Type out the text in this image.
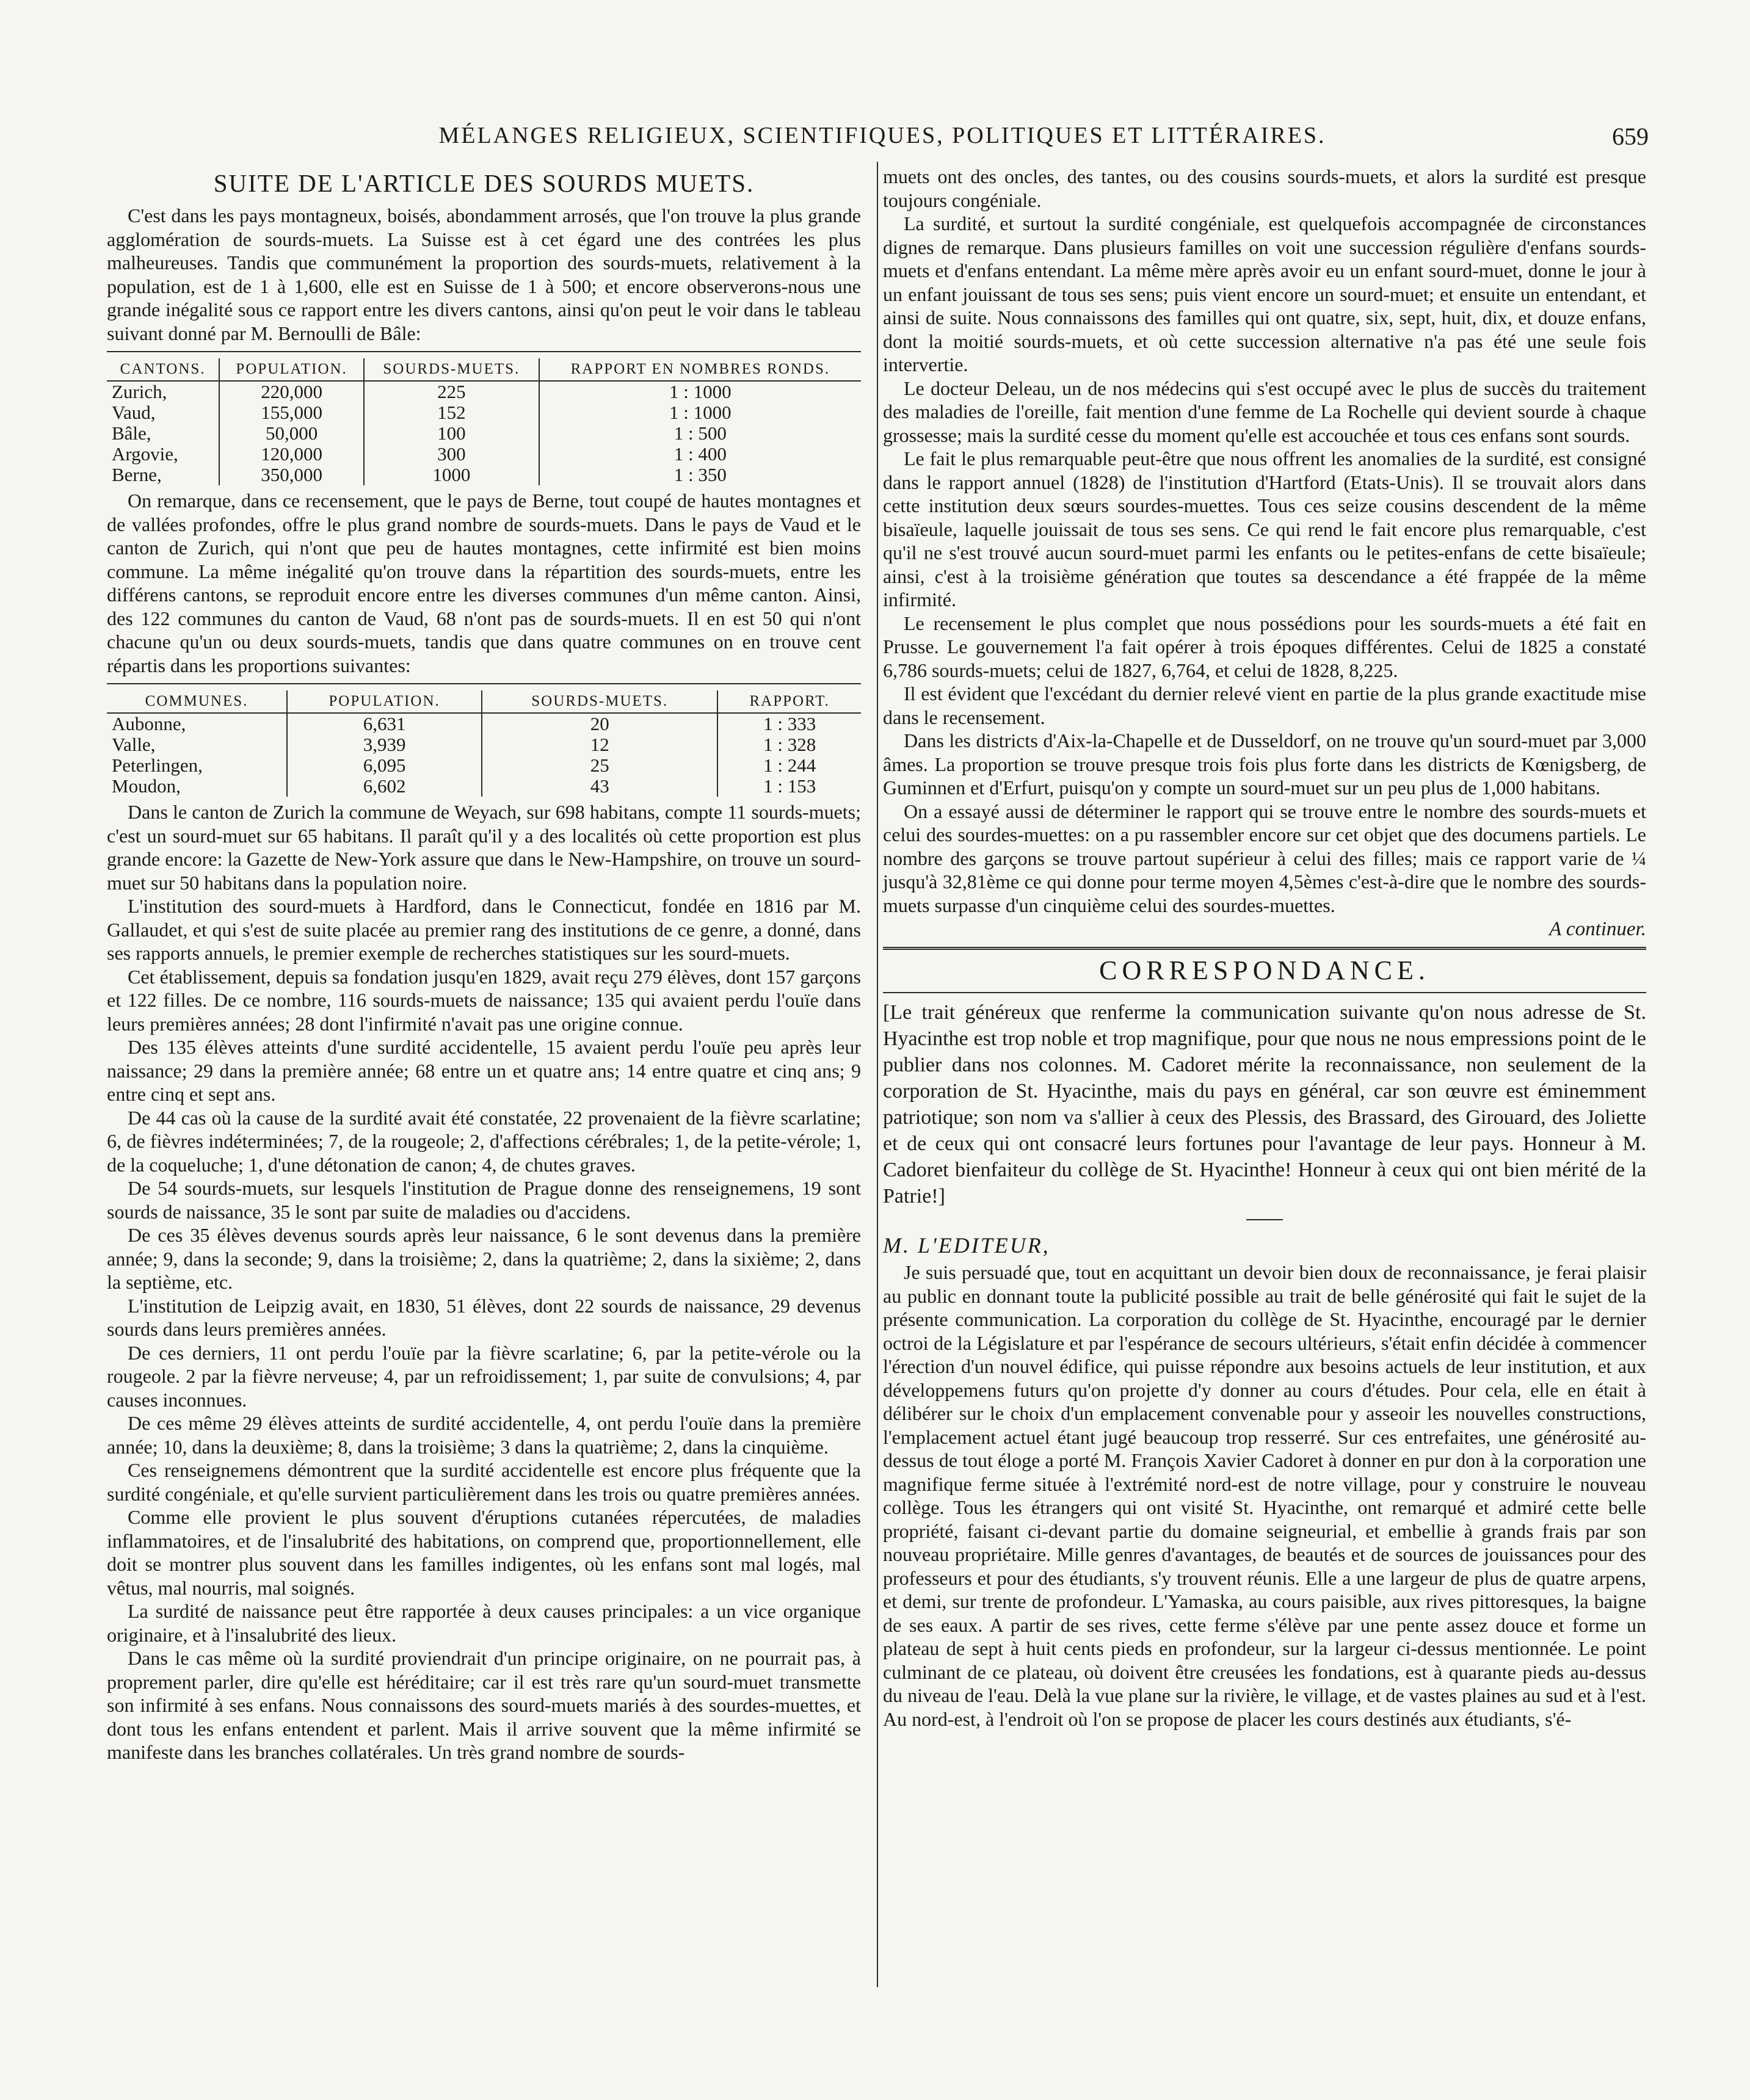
MÉLANGES RELIGIEUX, SCIENTIFIQUES, POLITIQUES ET LITTÉRAIRES.	659
SUITE DE L'ARTICLE DES SOURDS MUETS.

C'est dans les pays montagneux, boisés, abondamment arrosés, que l'on trouve la plus grande agglomération de sourds-muets. La Suisse est à cet égard une des contrées les plus malheureuses. Tandis que communément la proportion des sourds-muets, relativement à la population, est de 1 à 1,600, elle est en Suisse de 1 à 500; et encore observerons-nous une grande inégalité sous ce rapport entre les divers cantons, ainsi qu'on peut le voir dans le tableau suivant donné par M. Bernoulli de Bâle:

CANTONS.	POPULATION.	SOURDS-MUETS.	RAPPORT EN NOMBRES RONDS.
Zurich,	220,000	225	1 : 1000
Vaud,	155,000	152	1 : 1000
Bâle,	50,000	100	1 : 500
Argovie,	120,000	300	1 : 400
Berne,	350,000	1000	1 : 350

On remarque, dans ce recensement, que le pays de Berne, tout coupé de hautes montagnes et de vallées profondes, offre le plus grand nombre de sourds-muets. Dans le pays de Vaud et le canton de Zurich, qui n'ont que peu de hautes montagnes, cette infirmité est bien moins commune. La même inégalité qu'on trouve dans la répartition des sourds-muets, entre les différens cantons, se reproduit encore entre les diverses communes d'un même canton. Ainsi, des 122 communes du canton de Vaud, 68 n'ont pas de sourds-muets. Il en est 50 qui n'ont chacune qu'un ou deux sourds-muets, tandis que dans quatre communes on en trouve cent répartis dans les proportions suivantes:

COMMUNES.	POPULATION.	SOURDS-MUETS.	RAPPORT.
Aubonne,	6,631	20	1 : 333
Valle,	3,939	12	1 : 328
Peterlingen,	6,095	25	1 : 244
Moudon,	6,602	43	1 : 153

Dans le canton de Zurich la commune de Weyach, sur 698 habitans, compte 11 sourds-muets; c'est un sourd-muet sur 65 habitans. Il paraît qu'il y a des localités où cette proportion est plus grande encore: la Gazette de New-York assure que dans le New-Hampshire, on trouve un sourd-muet sur 50 habitans dans la population noire.

L'institution des sourd-muets à Hardford, dans le Connecticut, fondée en 1816 par M. Gallaudet, et qui s'est de suite placée au premier rang des institutions de ce genre, a donné, dans ses rapports annuels, le premier exemple de recherches statistiques sur les sourd-muets.

Cet établissement, depuis sa fondation jusqu'en 1829, avait reçu 279 élèves, dont 157 garçons et 122 filles. De ce nombre, 116 sourds-muets de naissance; 135 qui avaient perdu l'ouïe dans leurs premières années; 28 dont l'infirmité n'avait pas une origine connue.

Des 135 élèves atteints d'une surdité accidentelle, 15 avaient perdu l'ouïe peu après leur naissance; 29 dans la première année; 68 entre un et quatre ans; 14 entre quatre et cinq ans; 9 entre cinq et sept ans.

De 44 cas où la cause de la surdité avait été constatée, 22 provenaient de la fièvre scarlatine; 6, de fièvres indéterminées; 7, de la rougeole; 2, d'affections cérébrales; 1, de la petite-vérole; 1, de la coqueluche; 1, d'une détonation de canon; 4, de chutes graves.

De 54 sourds-muets, sur lesquels l'institution de Prague donne des renseignemens, 19 sont sourds de naissance, 35 le sont par suite de maladies ou d'accidens.

De ces 35 élèves devenus sourds après leur naissance, 6 le sont devenus dans la première année; 9, dans la seconde; 9, dans la troisième; 2, dans la quatrième; 2, dans la sixième; 2, dans la septième, etc.

L'institution de Leipzig avait, en 1830, 51 élèves, dont 22 sourds de naissance, 29 devenus sourds dans leurs premières années.

De ces derniers, 11 ont perdu l'ouïe par la fièvre scarlatine; 6, par la petite-vérole ou la rougeole. 2 par la fièvre nerveuse; 4, par un refroidissement; 1, par suite de convulsions; 4, par causes inconnues.

De ces même 29 élèves atteints de surdité accidentelle, 4, ont perdu l'ouïe dans la première année; 10, dans la deuxième; 8, dans la troisième; 3 dans la quatrième; 2, dans la cinquième.

Ces renseignemens démontrent que la surdité accidentelle est encore plus fréquente que la surdité congéniale, et qu'elle survient particulièrement dans les trois ou quatre premières années.

Comme elle provient le plus souvent d'éruptions cutanées répercutées, de maladies inflammatoires, et de l'insalubrité des habitations, on comprend que, proportionnellement, elle doit se montrer plus souvent dans les familles indigentes, où les enfans sont mal logés, mal vêtus, mal nourris, mal soignés.

La surdité de naissance peut être rapportée à deux causes principales: a un vice organique originaire, et à l'insalubrité des lieux.

Dans le cas même où la surdité proviendrait d'un principe originaire, on ne pourrait pas, à proprement parler, dire qu'elle est héréditaire; car il est très rare qu'un sourd-muet transmette son infirmité à ses enfans. Nous connaissons des sourd-muets mariés à des sourdes-muettes, et dont tous les enfans entendent et parlent. Mais il arrive souvent que la même infirmité se manifeste dans les branches collatérales. Un très grand nombre de sourds-

muets ont des oncles, des tantes, ou des cousins sourds-muets, et alors la surdité est presque toujours congéniale.

La surdité, et surtout la surdité congéniale, est quelquefois accompagnée de circonstances dignes de remarque. Dans plusieurs familles on voit une succession régulière d'enfans sourds-muets et d'enfans entendant. La même mère après avoir eu un enfant sourd-muet, donne le jour à un enfant jouissant de tous ses sens; puis vient encore un sourd-muet; et ensuite un entendant, et ainsi de suite. Nous connaissons des familles qui ont quatre, six, sept, huit, dix, et douze enfans, dont la moitié sourds-muets, et où cette succession alternative n'a pas été une seule fois intervertie.

Le docteur Deleau, un de nos médecins qui s'est occupé avec le plus de succès du traitement des maladies de l'oreille, fait mention d'une femme de La Rochelle qui devient sourde à chaque grossesse; mais la surdité cesse du moment qu'elle est accouchée et tous ces enfans sont sourds.

Le fait le plus remarquable peut-être que nous offrent les anomalies de la surdité, est consigné dans le rapport annuel (1828) de l'institution d'Hartford (Etats-Unis). Il se trouvait alors dans cette institution deux sœurs sourdes-muettes. Tous ces seize cousins descendent de la même bisaïeule, laquelle jouissait de tous ses sens. Ce qui rend le fait encore plus remarquable, c'est qu'il ne s'est trouvé aucun sourd-muet parmi les enfants ou le petites-enfans de cette bisaïeule; ainsi, c'est à la troisième génération que toutes sa descendance a été frappée de la même infirmité.

Le recensement le plus complet que nous possédions pour les sourds-muets a été fait en Prusse. Le gouvernement l'a fait opérer à trois époques différentes. Celui de 1825 a constaté 6,786 sourds-muets; celui de 1827, 6,764, et celui de 1828, 8,225.

Il est évident que l'excédant du dernier relevé vient en partie de la plus grande exactitude mise dans le recensement.

Dans les districts d'Aix-la-Chapelle et de Dusseldorf, on ne trouve qu'un sourd-muet par 3,000 âmes. La proportion se trouve presque trois fois plus forte dans les districts de Kœnigsberg, de Guminnen et d'Erfurt, puisqu'on y compte un sourd-muet sur un peu plus de 1,000 habitans.

On a essayé aussi de déterminer le rapport qui se trouve entre le nombre des sourds-muets et celui des sourdes-muettes: on a pu rassembler encore sur cet objet que des documens partiels. Le nombre des garçons se trouve partout supérieur à celui des filles; mais ce rapport varie de ¼ jusqu'à 32,81ème ce qui donne pour terme moyen 4,5èmes c'est-à-dire que le nombre des sourds-muets surpasse d'un cinquième celui des sourdes-muettes.

A continuer.
CORRESPONDANCE.

[Le trait généreux que renferme la communication suivante qu'on nous adresse de St. Hyacinthe est trop noble et trop magnifique, pour que nous ne nous empressions point de le publier dans nos colonnes. M. Cadoret mérite la reconnaissance, non seulement de la corporation de St. Hyacinthe, mais du pays en général, car son œuvre est éminemment patriotique; son nom va s'allier à ceux des Plessis, des Brassard, des Girouard, des Joliette et de ceux qui ont consacré leurs fortunes pour l'avantage de leur pays. Honneur à M. Cadoret bienfaiteur du collège de St. Hyacinthe! Honneur à ceux qui ont bien mérité de la Patrie!]

M. L'EDITEUR,

Je suis persuadé que, tout en acquittant un devoir bien doux de reconnaissance, je ferai plaisir au public en donnant toute la publicité possible au trait de belle générosité qui fait le sujet de la présente communication. La corporation du collège de St. Hyacinthe, encouragé par le dernier octroi de la Législature et par l'espérance de secours ultérieurs, s'était enfin décidée à commencer l'érection d'un nouvel édifice, qui puisse répondre aux besoins actuels de leur institution, et aux développemens futurs qu'on projette d'y donner au cours d'études. Pour cela, elle en était à délibérer sur le choix d'un emplacement convenable pour y asseoir les nouvelles constructions, l'emplacement actuel étant jugé beaucoup trop resserré. Sur ces entrefaites, une générosité au-dessus de tout éloge a porté M. François Xavier Cadoret à donner en pur don à la corporation une magnifique ferme située à l'extrémité nord-est de notre village, pour y construire le nouveau collège. Tous les étrangers qui ont visité St. Hyacinthe, ont remarqué et admiré cette belle propriété, faisant ci-devant partie du domaine seigneurial, et embellie à grands frais par son nouveau propriétaire. Mille genres d'avantages, de beautés et de sources de jouissances pour des professeurs et pour des étudiants, s'y trouvent réunis. Elle a une largeur de plus de quatre arpens, et demi, sur trente de profondeur. L'Yamaska, au cours paisible, aux rives pittoresques, la baigne de ses eaux. A partir de ses rives, cette ferme s'élève par une pente assez douce et forme un plateau de sept à huit cents pieds en profondeur, sur la largeur ci-dessus mentionnée. Le point culminant de ce plateau, où doivent être creusées les fondations, est à quarante pieds au-dessus du niveau de l'eau. Delà la vue plane sur la rivière, le village, et de vastes plaines au sud et à l'est. Au nord-est, à l'endroit où l'on se propose de placer les cours destinés aux étudiants, s'é-
